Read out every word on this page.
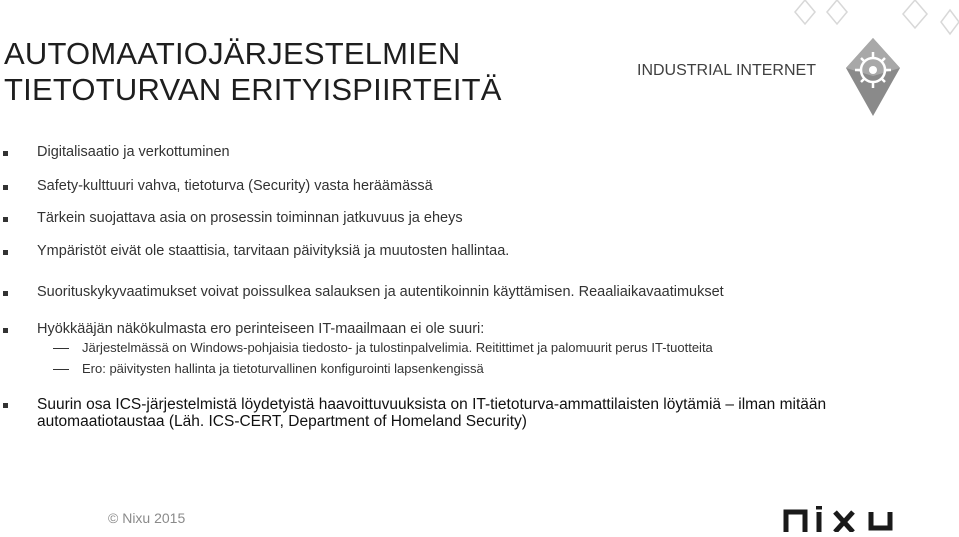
AUTOMAATIOJÄRJESTELMIEN
TIETOTURVAN ERITYISPIIRTEITÄ
INDUSTRIAL INTERNET
Digitalisaatio ja verkottuminen
Safety-kulttuuri vahva, tietoturva (Security) vasta heräämässä
Tärkein suojattava asia on prosessin toiminnan jatkuvuus ja eheys
Ympäristöt eivät ole staattisia, tarvitaan päivityksiä ja muutosten hallintaa.
Suorituskykyvaatimukset voivat poissulkea salauksen ja autentikoinnin käyttämisen. Reaaliaikavaatimukset
Hyökkääjän näkökulmasta ero perinteiseen IT-maailmaan ei ole suuri:
Järjestelmässä on Windows-pohjaisia tiedosto- ja tulostinpalvelimia. Reitittimet ja palomuurit perus IT-tuotteita
Ero: päivitysten hallinta ja tietoturvallinen konfigurointi lapsenkengissä
Suurin osa ICS-järjestelmistä löydetyistä haavoittuvuuksista on IT-tietoturva-ammattilaisten löytämiä – ilman mitään automaatiotaustaa (Läh. ICS-CERT, Department of Homeland Security)
© Nixu 2015
